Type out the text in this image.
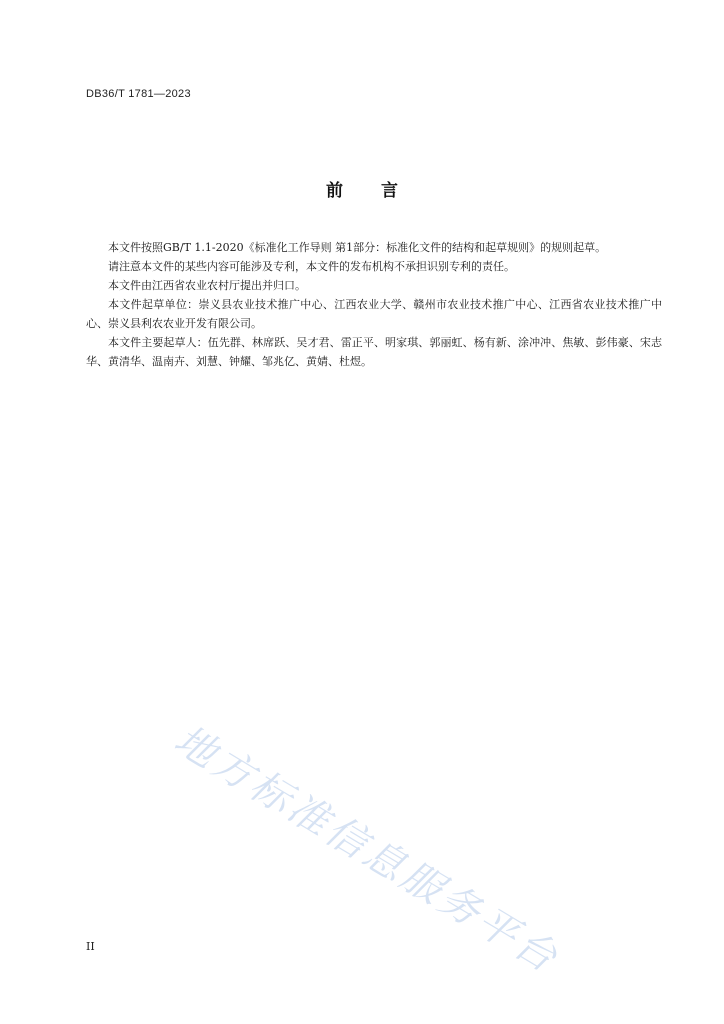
DB36/T 1781—2023
前 言

本文件按照GB/T 1.1-2020《标准化工作导则 第1部分：标准化文件的结构和起草规则》的规则起草。

请注意本文件的某些内容可能涉及专利，本文件的发布机构不承担识别专利的责任。

本文件由江西省农业农村厅提出并归口。

本文件起草单位：崇义县农业技术推广中心、江西农业大学、赣州市农业技术推广中心、江西省农业技术推广中心、崇义县利农农业开发有限公司。

本文件主要起草人：伍先群、林席跃、吴才君、雷正平、明家琪、郭丽虹、杨有新、涂冲冲、焦敏、彭伟豪、宋志华、黄清华、温南卉、刘慧、钟耀、邹兆亿、黄婧、杜煜。

地方标准信息服务平台
II
